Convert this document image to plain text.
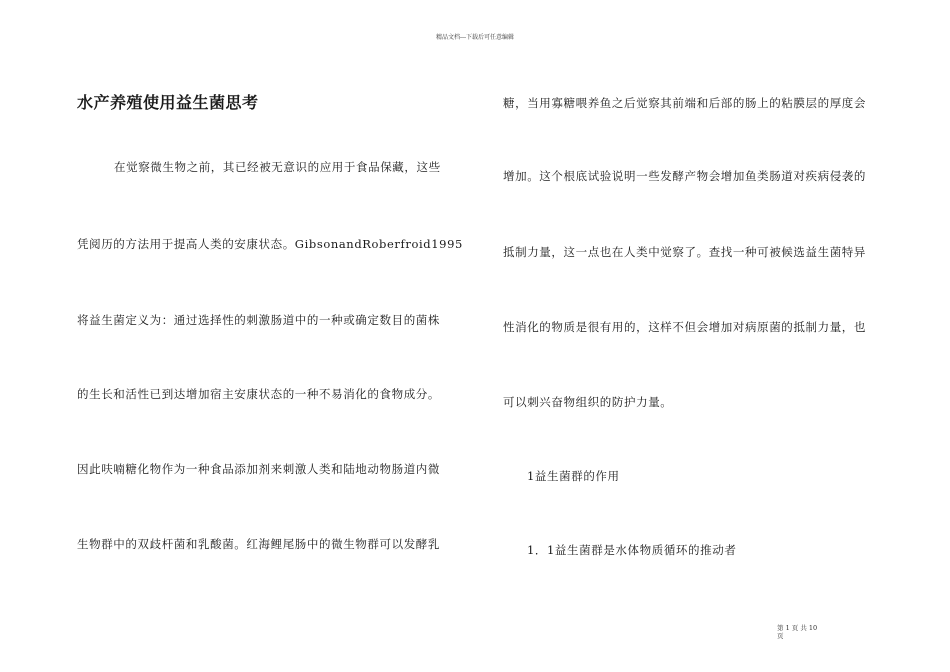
精品文档---下载后可任意编辑
水产养殖使用益生菌思考
在觉察微生物之前，其已经被无意识的应用于食品保藏，这些
凭阅历的方法用于提高人类的安康状态。GibsonandRoberfroid1995
将益生菌定义为：通过选择性的刺激肠道中的一种或确定数目的菌株
的生长和活性已到达增加宿主安康状态的一种不易消化的食物成分。
因此呋喃糖化物作为一种食品添加剂来刺激人类和陆地动物肠道内微
生物群中的双歧杆菌和乳酸菌。红海鲤尾肠中的微生物群可以发酵乳
糖，当用寡糖喂养鱼之后觉察其前端和后部的肠上的粘膜层的厚度会
增加。这个根底试验说明一些发酵产物会增加鱼类肠道对疾病侵袭的
抵制力量，这一点也在人类中觉察了。查找一种可被候选益生菌特异
性消化的物质是很有用的，这样不但会增加对病原菌的抵制力量，也
可以刺兴奋物组织的防护力量。
1益生菌群的作用
1．1益生菌群是水体物质循环的推动者
第 1 页 共 10
页
